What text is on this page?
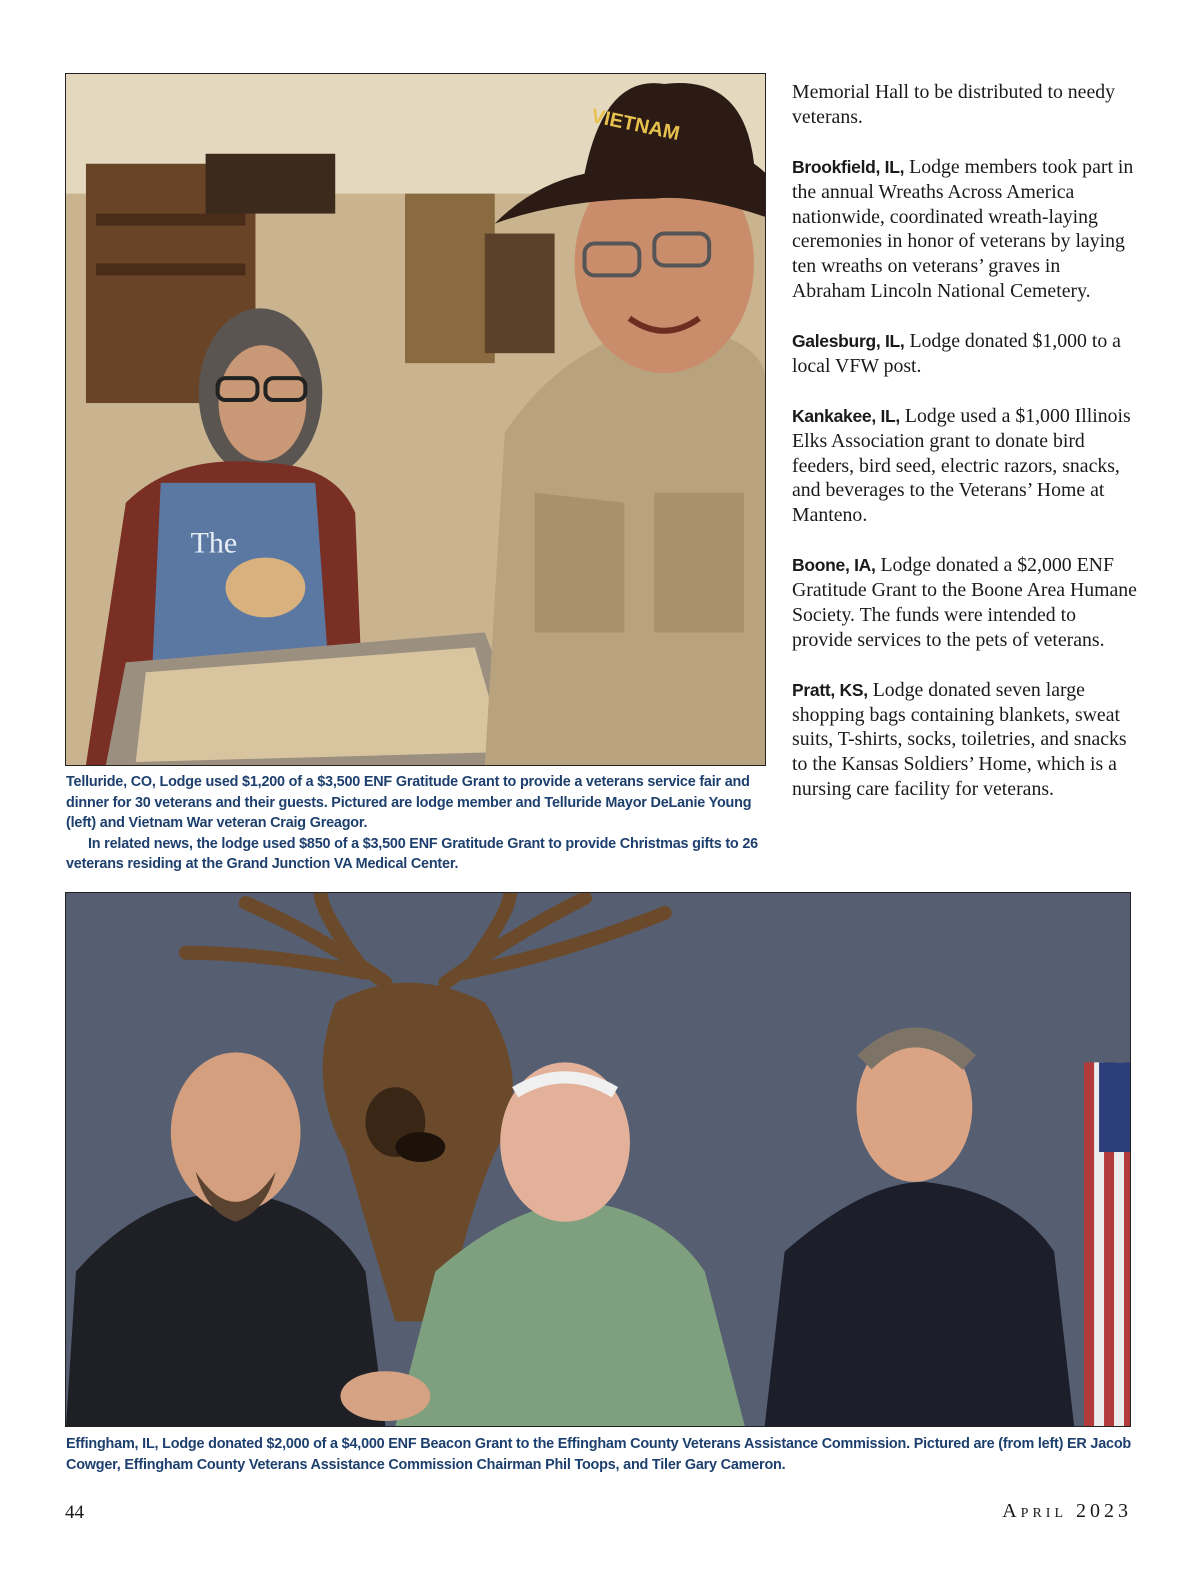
The
VIETNAM

Telluride, CO, Lodge used $1,200 of a $3,500 ENF Gratitude Grant to provide a veterans service fair and dinner for 30 veterans and their guests. Pictured are lodge member and Telluride Mayor DeLanie Young (left) and Vietnam War veteran Craig Greagor.
In related news, the lodge used $850 of a $3,500 ENF Gratitude Grant to provide Christmas gifts to 26 veterans residing at the Grand Junction VA Medical Center.

Memorial Hall to be distributed to needy veterans.

Brookfield, IL, Lodge members took part in the annual Wreaths Across America nationwide, coordinated wreath-laying ceremonies in honor of veterans by laying ten wreaths on veterans’ graves in Abraham Lincoln National Cemetery.

Galesburg, IL, Lodge donated $1,000 to a local VFW post.

Kankakee, IL, Lodge used a $1,000 Illinois Elks Association grant to donate bird feeders, bird seed, electric razors, snacks, and beverages to the Veterans’ Home at Manteno.

Boone, IA, Lodge donated a $2,000 ENF Gratitude Grant to the Boone Area Humane Society. The funds were intended to provide services to the pets of veterans.

Pratt, KS, Lodge donated seven large shopping bags containing blankets, sweat suits, T-shirts, socks, toiletries, and snacks to the Kansas Soldiers’ Home, which is a nursing care facility for veterans.

Effingham, IL, Lodge donated $2,000 of a $4,000 ENF Beacon Grant to the Effingham County Veterans Assistance Commission. Pictured are (from left) ER Jacob Cowger, Effingham County Veterans Assistance Commission Chairman Phil Toops, and Tiler Gary Cameron.

44	April 2023
